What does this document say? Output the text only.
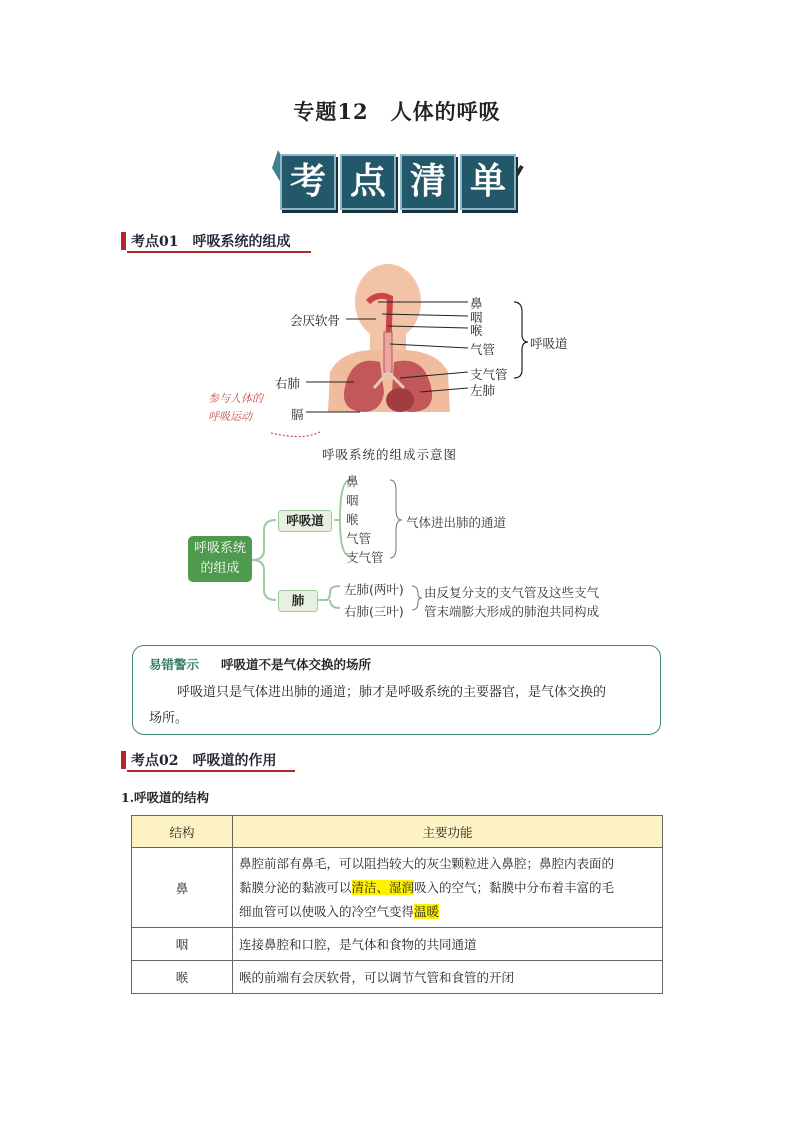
专题12　人体的呼吸
考 点 清 单
考点01　呼吸系统的组成
鼻
咽
喉
气管
支气管
左肺
呼吸道
会厌软骨
右肺
膈
参与人体的
呼吸运动
呼吸系统的组成示意图
呼吸系统
的组成
呼吸道
肺
鼻
咽
喉
气管
支气管
气体进出肺的通道
左肺(两叶)
右肺(三叶)
由反复分支的支气管及这些支气
管末端膨大形成的肺泡共同构成
易错警示 呼吸道不是气体交换的场所
呼吸道只是气体进出肺的通道；肺才是呼吸系统的主要器官，是气体交换的
场所。
考点02　呼吸道的作用
1.呼吸道的结构
结构	主要功能
鼻	鼻腔前部有鼻毛，可以阻挡较大的灰尘颗粒进入鼻腔；鼻腔内表面的
黏膜分泌的黏液可以清洁、湿润吸入的空气；黏膜中分布着丰富的毛
细血管可以使吸入的冷空气变得温暖

咽	连接鼻腔和口腔，是气体和食物的共同通道
喉	喉的前端有会厌软骨，可以调节气管和食管的开闭
